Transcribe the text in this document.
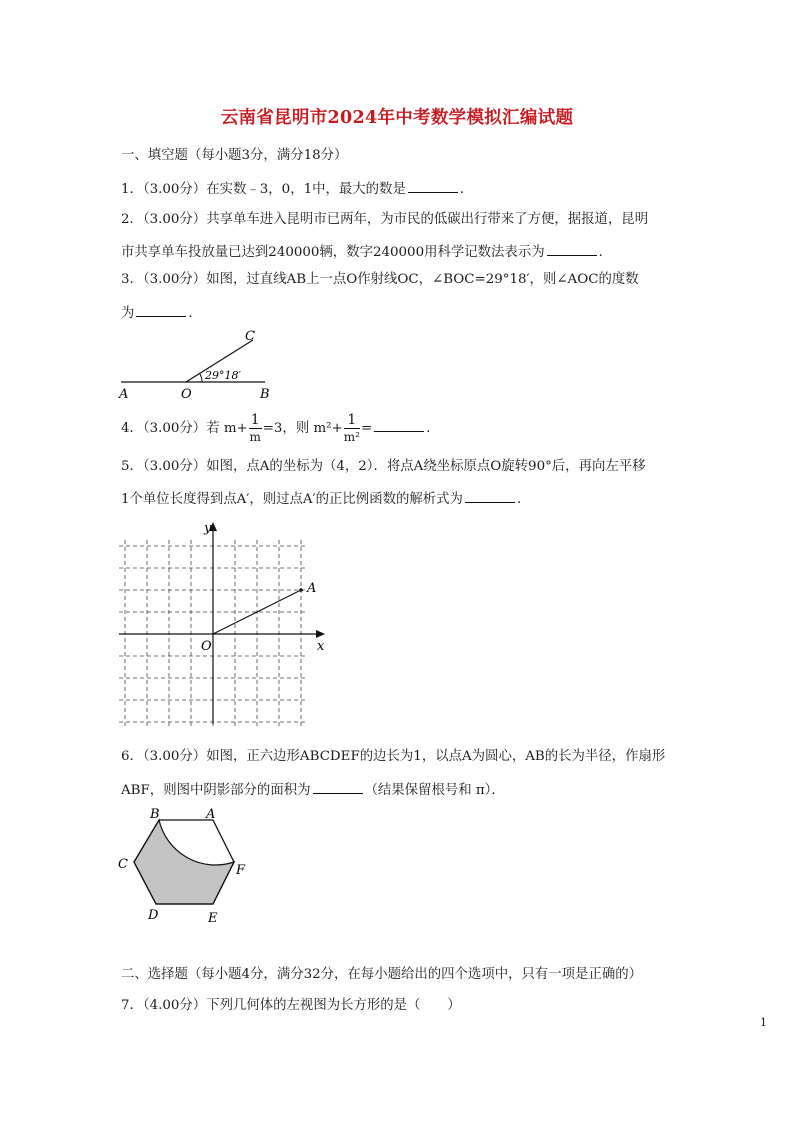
云南省昆明市2024年中考数学模拟汇编试题
一、填空题（每小题3分，满分18分）
1．（3.00分）在实数﹣3，0，1中，最大的数是	．
2．（3.00分）共享单车进入昆明市已两年，为市民的低碳出行带来了方便，据报道，昆明
市共享单车投放量已达到240000辆，数字240000用科学记数法表示为	．
3．（3.00分）如图，过直线AB上一点O作射线OC，∠BOC=29°18′，则∠AOC的度数
为	．
A	O	B
C
29°18′
4．（3.00分）若 $m+ \frac{1}{m} =3$，则 $m^2+ \frac{1}{\text{m²}}$ =	．
5．（3.00分）如图，点A的坐标为（4，2）．将点A绕坐标原点O旋转90°后，再向左平移
1个单位长度得到点A′，则过点A′的正比例函数的解析式为	．
y
x
O
A
6．（3.00分）如图，正六边形ABCDEF的边长为1，以点A为圆心，AB的长为半径，作扇形
ABF，则图中阴影部分的面积为	（结果保留根号和 π）．
B	A
C	F
D	E
二、选择题（每小题4分，满分32分，在每小题给出的四个选项中，只有一项是正确的）
7．（4.00分）下列几何体的左视图为长方形的是（　　）
1
